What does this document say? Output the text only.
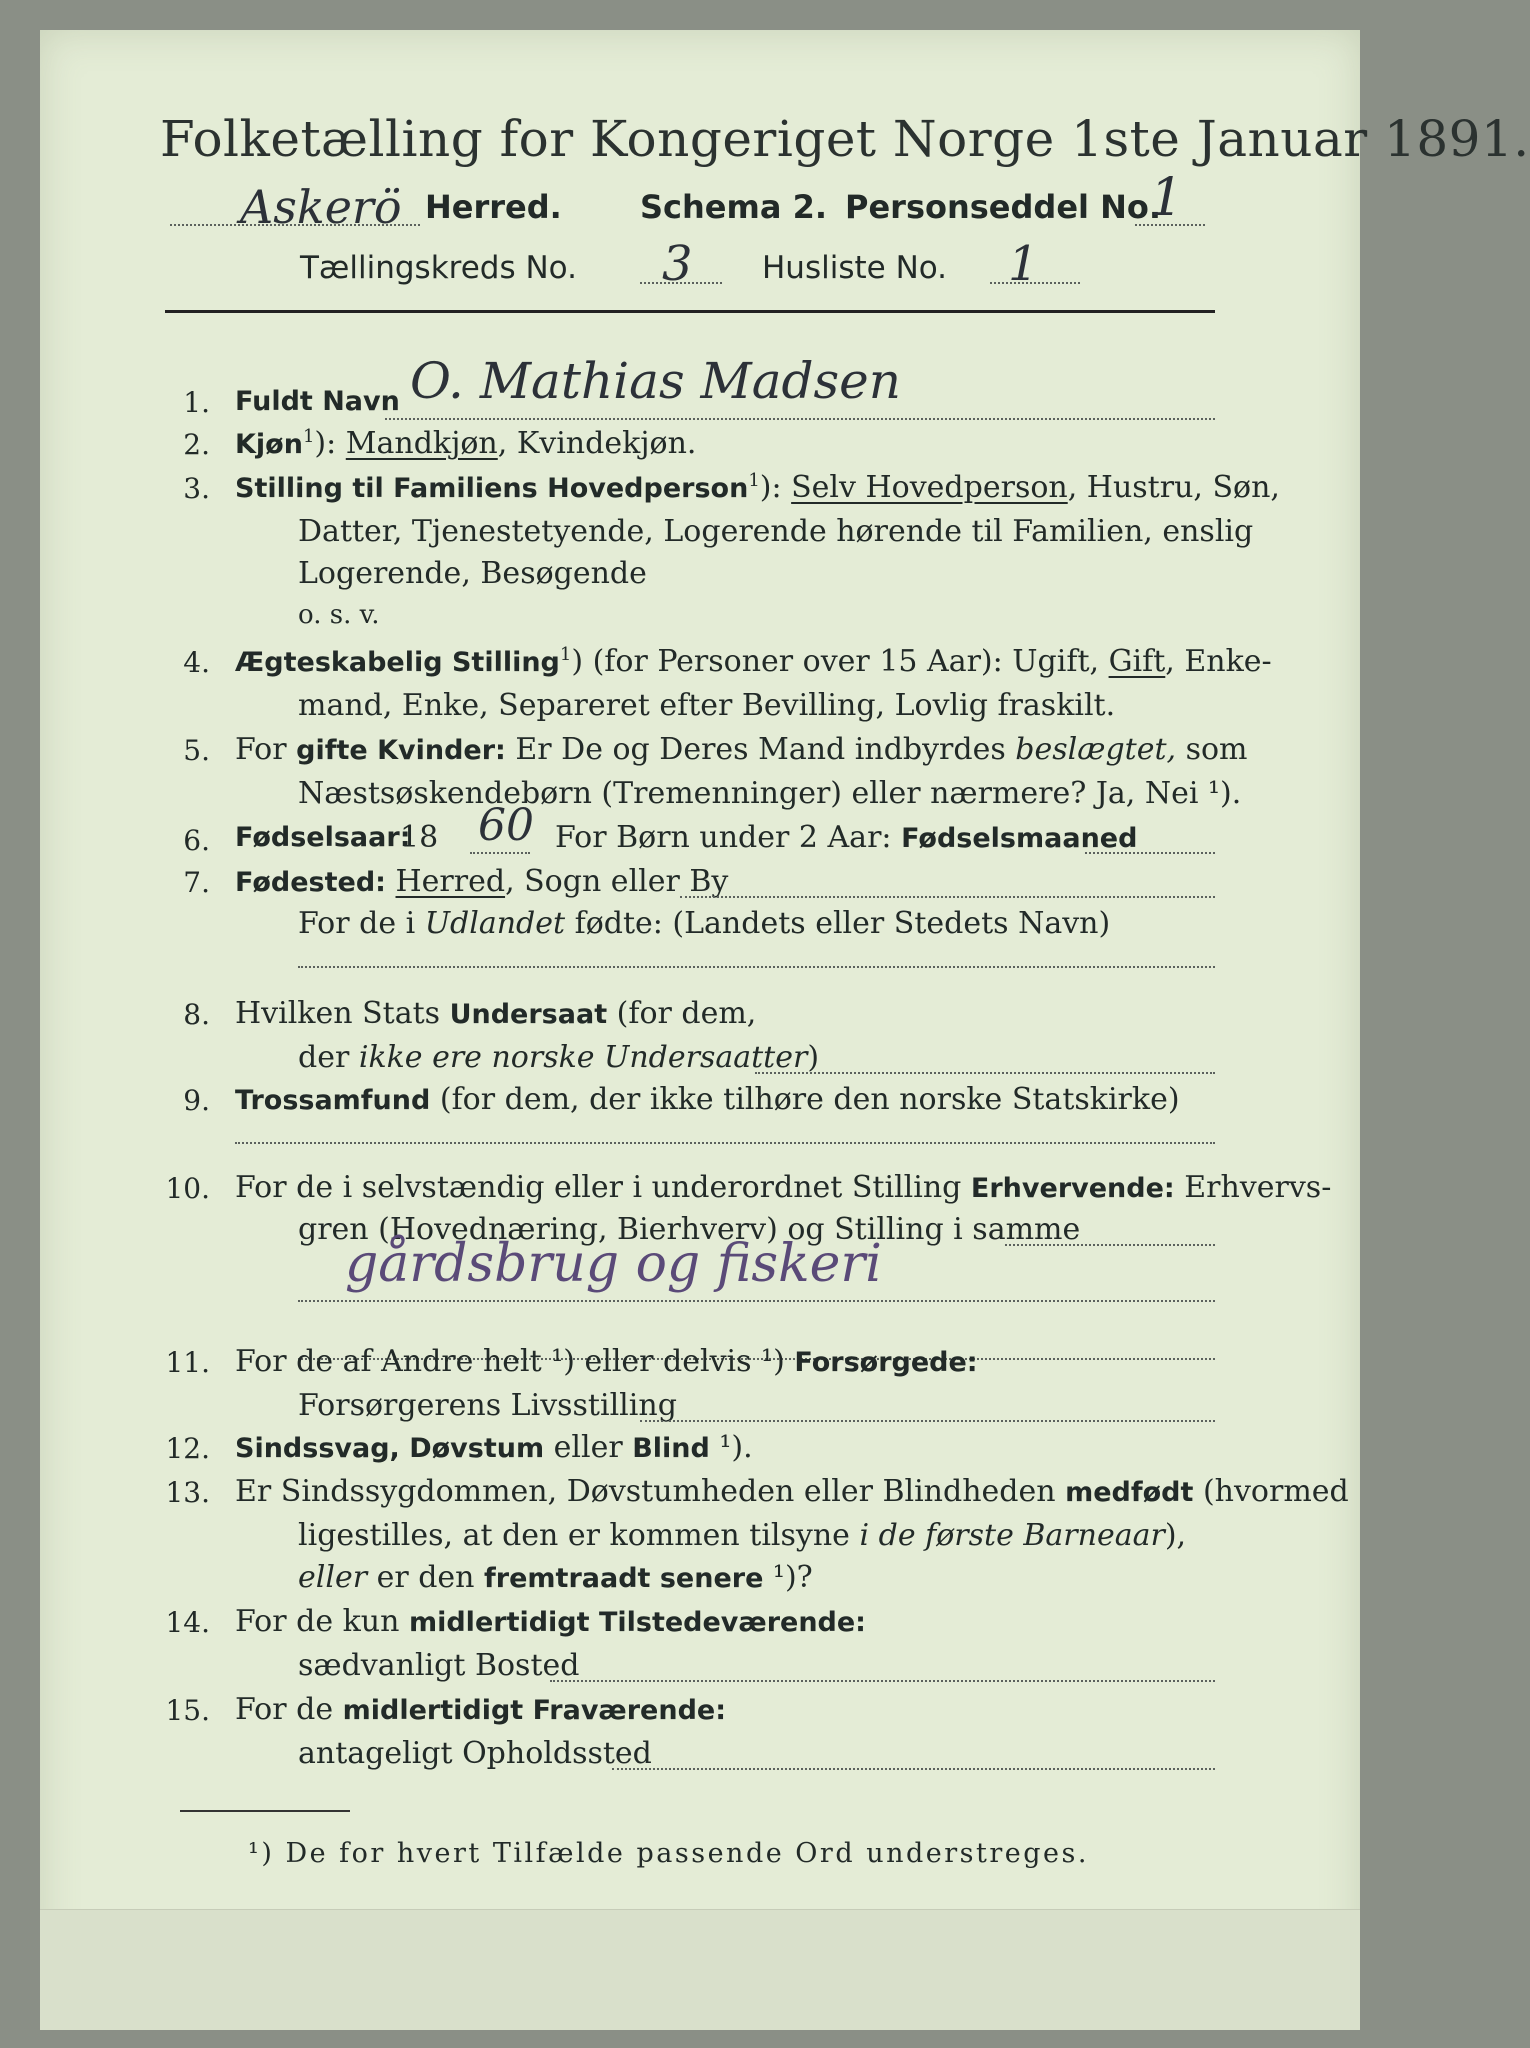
Folketælling for Kongeriget Norge 1ste Januar 1891.
Askerö Herred. Schema 2. Personseddel No.
1
Tællingskreds No. 3 Husliste No. 1
1. Fuldt Navn O. Mathias Madsen
2. Kjøn$^1$): Mandkjøn, Kvindekjøn.
3. Stilling til Familiens Hovedperson$^1$): Selv Hovedperson, Hustru, Søn,
Datter, Tjenestetyende, Logerende hørende til Familien, enslig
Logerende, Besøgende
o. s. v.
4. Ægteskabelig Stilling$^1$) (for Personer over 15 Aar): Ugift, Gift, Enke-
mand, Enke, Separeret efter Bevilling, Lovlig fraskilt.
5. For gifte Kvinder: Er De og Deres Mand indbyrdes beslægtet, som
Næstsøskendebørn (Tremenninger) eller nærmere? Ja, Nei ¹).
6. Fødselsaar:
18 60 For Børn under 2 Aar: Fødselsmaaned
7. Fødested: Herred, Sogn eller By
For de i Udlandet fødte: (Landets eller Stedets Navn)
8. Hvilken Stats Undersaat (for dem,
der ikke ere norske Undersaatter)
9. Trossamfund (for dem, der ikke tilhøre den norske Statskirke)
10. For de i selvstændig eller i underordnet Stilling Erhvervende: Erhvervs-
gren (Hovednæring, Bierhverv) og Stilling i samme
gårdsbrug og fiskeri
11. For de af Andre helt ¹) eller delvis ¹) Forsørgede:
Forsørgerens Livsstilling
12. Sindssvag, Døvstum eller Blind ¹).
13. Er Sindssygdommen, Døvstumheden eller Blindheden medfødt (hvormed
ligestilles, at den er kommen tilsyne i de første Barneaar),
eller er den fremtraadt senere ¹)?
14. For de kun midlertidigt Tilstedeværende:
sædvanligt Bosted
15. For de midlertidigt Fraværende:
antageligt Opholdssted
¹) De for hvert Tilfælde passende Ord understreges.
